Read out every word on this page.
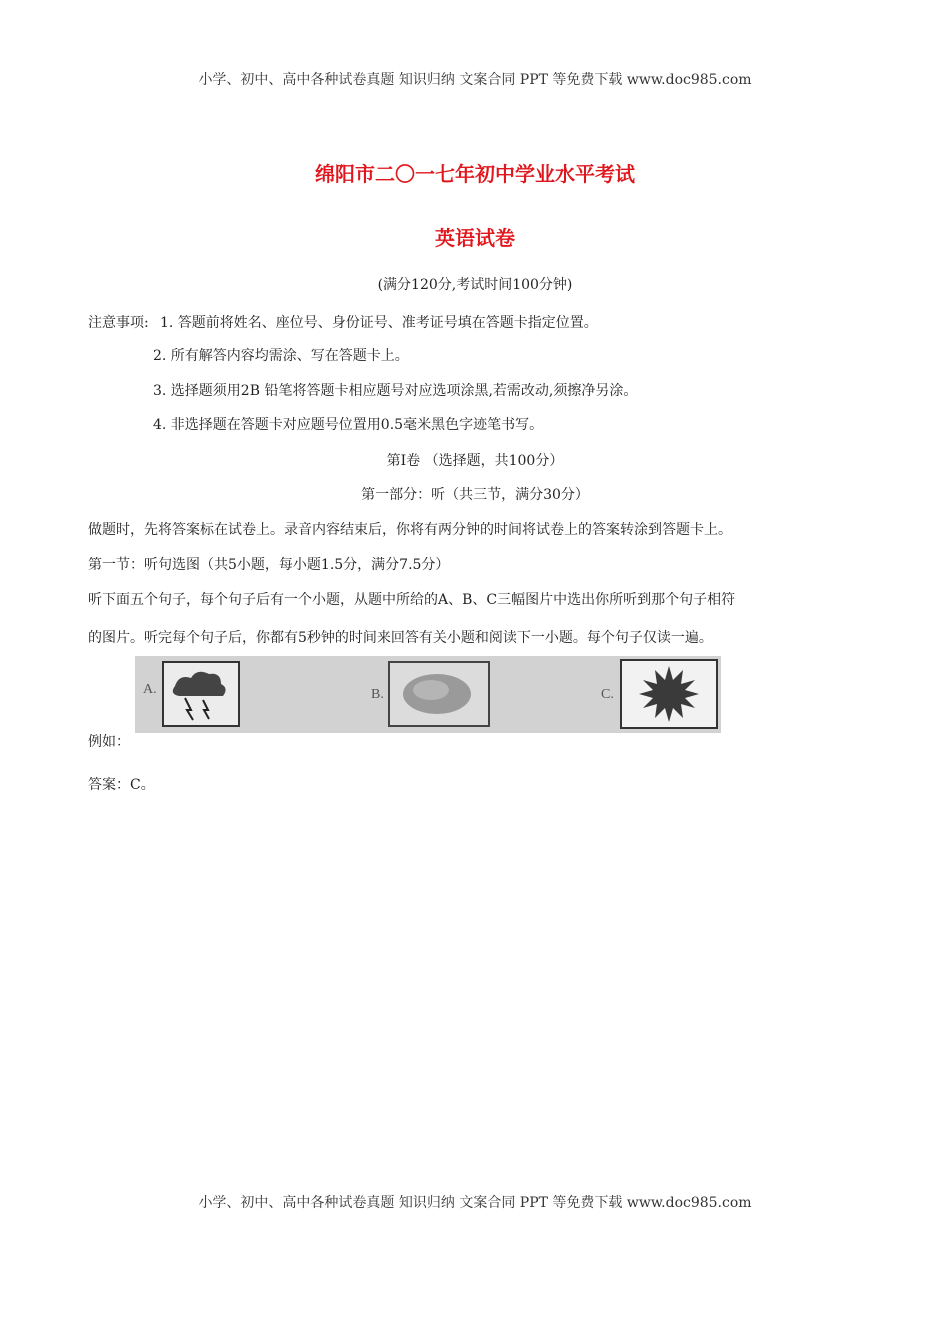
小学、初中、高中各种试卷真题 知识归纳 文案合同 PPT 等免费下载 www.doc985.com
绵阳市二〇一七年初中学业水平考试
英语试卷
(满分120分,考试时间100分钟)
注意事项: 1. 答题前将姓名、座位号、身份证号、准考证号填在答题卡指定位置。
2. 所有解答内容均需涂、写在答题卡上。
3. 选择题须用2B 铅笔将答题卡相应题号对应选项涂黑,若需改动,须擦净另涂。
4. 非选择题在答题卡对应题号位置用0.5毫米黑色字迹笔书写。
第Ⅰ卷 （选择题，共100分）
第一部分：听（共三节，满分30分）
做题时，先将答案标在试卷上。录音内容结束后，你将有两分钟的时间将试卷上的答案转涂到答题卡上。
第一节：听句选图（共5小题，每小题1.5分，满分7.5分）
听下面五个句子，每个句子后有一个小题，从题中所给的A、B、C三幅图片中选出你所听到那个句子相符
的图片。听完每个句子后，你都有5秒钟的时间来回答有关小题和阅读下一小题。每个句子仅读一遍。
A.	B.	C.
例如：
答案：C。
小学、初中、高中各种试卷真题 知识归纳 文案合同 PPT 等免费下载 www.doc985.com
